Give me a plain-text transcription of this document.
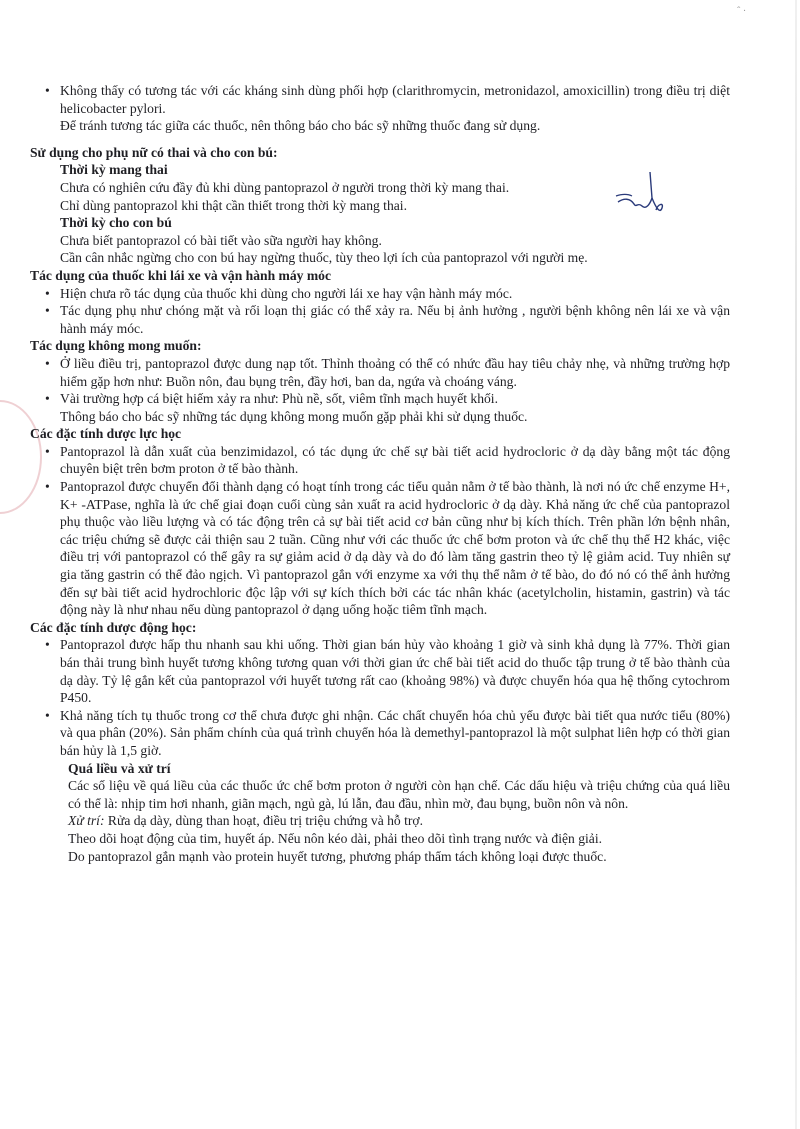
ˆ ·

• Không thấy có tương tác với các kháng sinh dùng phối hợp (clarithromycin, metronidazol, amoxicillin) trong điều trị diệt helicobacter pylori.

Để tránh tương tác giữa các thuốc, nên thông báo cho bác sỹ những thuốc đang sử dụng.

Sử dụng cho phụ nữ có thai và cho con bú:

Thời kỳ mang thai

Chưa có nghiên cứu đầy đủ khi dùng pantoprazol ở người trong thời kỳ mang thai.

Chỉ dùng pantoprazol khi thật cần thiết trong thời kỳ mang thai.

Thời kỳ cho con bú

Chưa biết pantoprazol có bài tiết vào sữa người hay không.

Cần cân nhắc ngừng cho con bú hay ngừng thuốc, tùy theo lợi ích của pantoprazol với người mẹ.

Tác dụng của thuốc khi lái xe và vận hành máy móc

• Hiện chưa rõ tác dụng của thuốc khi dùng cho người lái xe hay vận hành máy móc.

• Tác dụng phụ như chóng mặt và rối loạn thị giác có thể xảy ra. Nếu bị ảnh hưởng , người bệnh không nên lái xe và vận hành máy móc.

Tác dụng không mong muốn:

• Ở liều điều trị, pantoprazol được dung nạp tốt. Thỉnh thoảng có thể có nhức đầu hay tiêu chảy nhẹ, và những trường hợp hiếm gặp hơn như: Buồn nôn, đau bụng trên, đầy hơi, ban da, ngứa và choáng váng.

• Vài trường hợp cá biệt hiếm xảy ra như: Phù nề, sốt, viêm tĩnh mạch huyết khối.

Thông báo cho bác sỹ những tác dụng không mong muốn gặp phải khi sử dụng thuốc.

Các đặc tính dược lực học

• Pantoprazol là dẫn xuất của benzimidazol, có tác dụng ức chế sự bài tiết acid hydrocloric ở dạ dày bằng một tác động chuyên biệt trên bơm proton ở tế bào thành.

• Pantoprazol được chuyển đổi thành dạng có hoạt tính trong các tiểu quản nằm ở tế bào thành, là nơi nó ức chế enzyme H+, K+ -ATPase, nghĩa là ức chế giai đoạn cuối cùng sản xuất ra acid hydrocloric ở dạ dày. Khả năng ức chế của pantoprazol phụ thuộc vào liều lượng và có tác động trên cả sự bài tiết acid cơ bản cũng như bị kích thích. Trên phần lớn bệnh nhân, các triệu chứng sẽ được cải thiện sau 2 tuần. Cũng như với các thuốc ức chế bơm proton và ức chế thụ thể H2 khác, việc điều trị với pantoprazol có thể gây ra sự giảm acid ở dạ dày và do đó làm tăng gastrin theo tỷ lệ giảm acid. Tuy nhiên sự gia tăng gastrin có thể đảo ngịch. Vì pantoprazol gắn với enzyme xa với thụ thể nằm ở tế bào, do đó nó có thể ảnh hưởng đến sự bài tiết acid hydrochloric độc lập với sự kích thích bởi các tác nhân khác (acetylcholin, histamin, gastrin) và tác động này là như nhau nếu dùng pantoprazol ở dạng uống hoặc tiêm tĩnh mạch.

Các đặc tính dược động học:

• Pantoprazol được hấp thu nhanh sau khi uống. Thời gian bán hủy vào khoảng 1 giờ và sinh khả dụng là 77%. Thời gian bán thải trung bình huyết tương không tương quan với thời gian ức chế bài tiết acid do thuốc tập trung ở tế bào thành của dạ dày. Tỷ lệ gắn kết của pantoprazol với huyết tương rất cao (khoảng 98%) và được chuyển hóa qua hệ thống cytochrom P450.

• Khả năng tích tụ thuốc trong cơ thể chưa được ghi nhận. Các chất chuyển hóa chủ yếu được bài tiết qua nước tiểu (80%) và qua phân (20%). Sản phẩm chính của quá trình chuyển hóa là demethyl-pantoprazol là một sulphat liên hợp có thời gian bán hủy là 1,5 giờ.

Quá liều và xử trí

Các số liệu về quá liều của các thuốc ức chế bơm proton ở người còn hạn chế. Các dấu hiệu và triệu chứng của quá liều có thể là: nhịp tim hơi nhanh, giãn mạch, ngủ gà, lú lẫn, đau đầu, nhìn mờ, đau bụng, buồn nôn và nôn.

Xử trí: Rửa dạ dày, dùng than hoạt, điều trị triệu chứng và hỗ trợ.

Theo dõi hoạt động của tim, huyết áp. Nếu nôn kéo dài, phải theo dõi tình trạng nước và điện giải.

Do pantoprazol gắn mạnh vào protein huyết tương, phương pháp thẩm tách không loại được thuốc.
